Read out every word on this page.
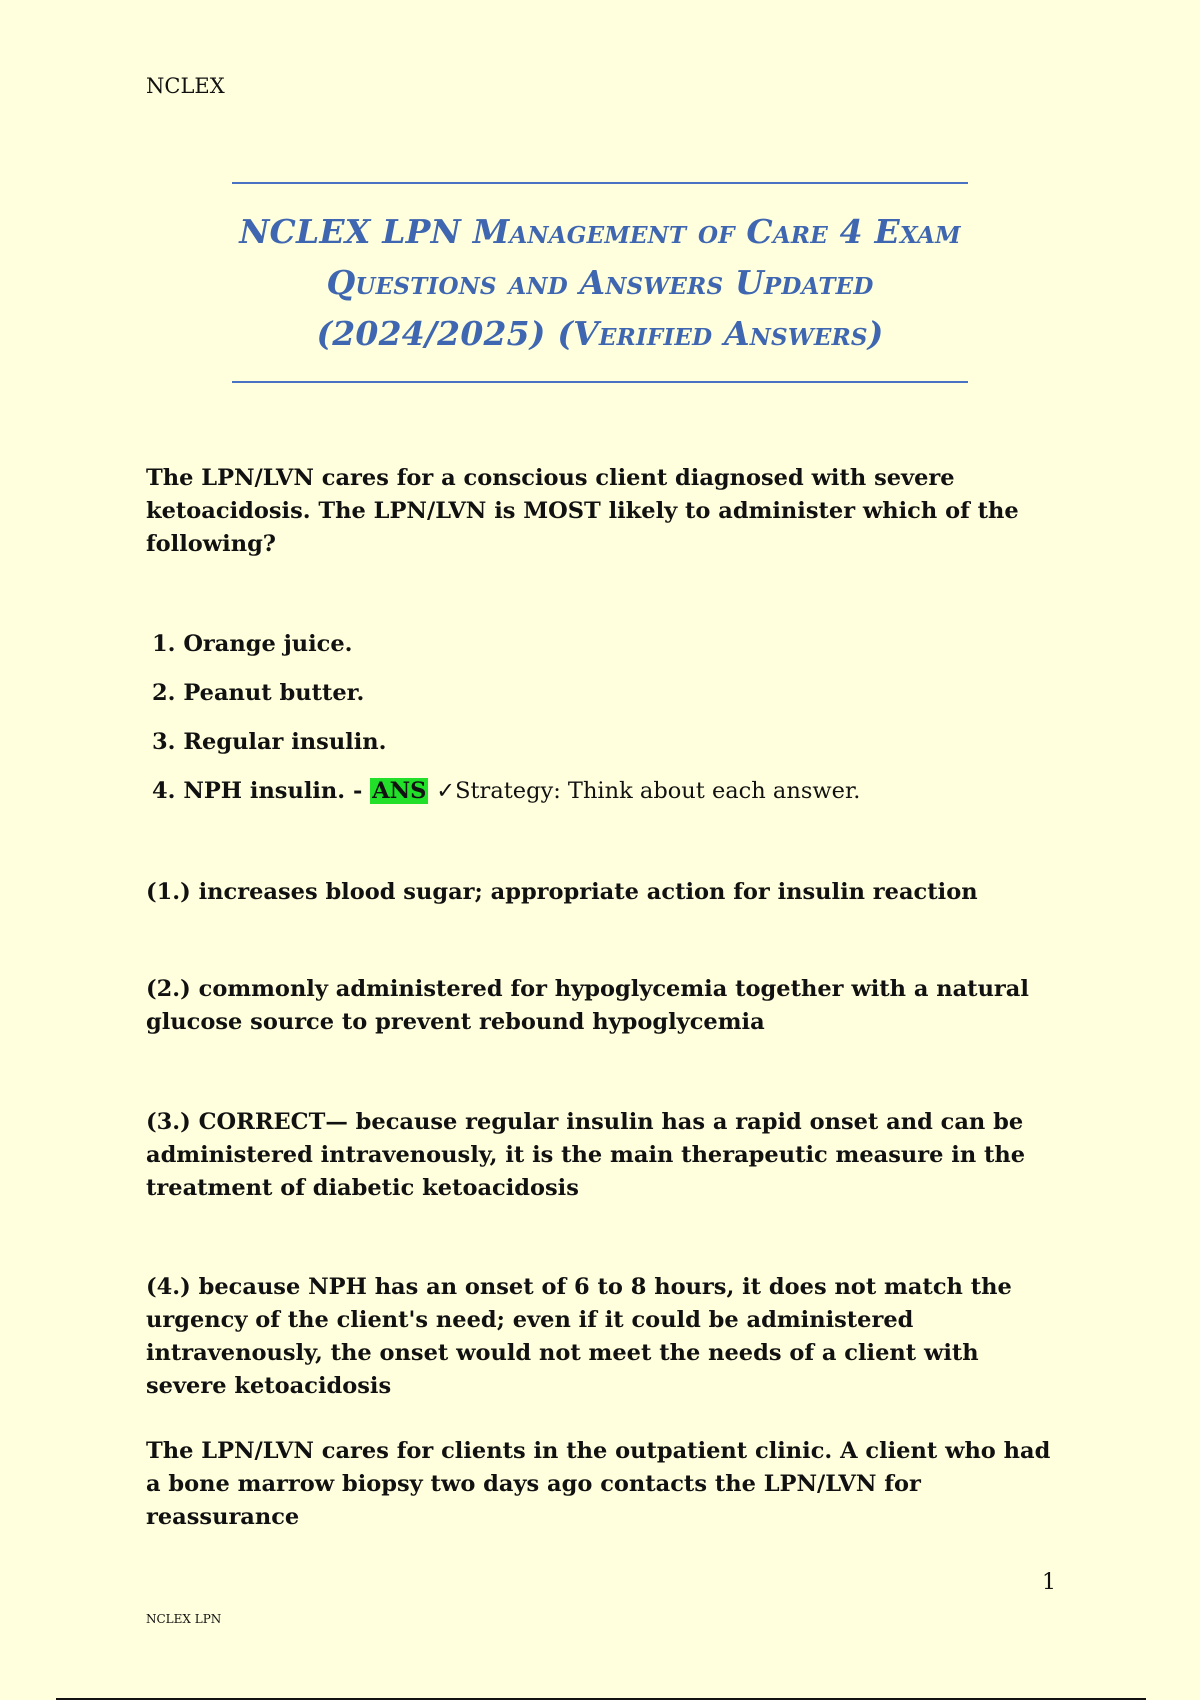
NCLEX
NCLEX LPN Management of Care 4 Exam
Questions and Answers Updated
(2024/2025) (Verified Answers)
The LPN/LVN cares for a conscious client diagnosed with severe ketoacidosis. The LPN/LVN is MOST likely to administer which of the following?
1. Orange juice.
2. Peanut butter.
3. Regular insulin.
4. NPH insulin. - ANS ✓Strategy: Think about each answer.
(1.) increases blood sugar; appropriate action for insulin reaction
(2.) commonly administered for hypoglycemia together with a natural glucose source to prevent rebound hypoglycemia
(3.) CORRECT— because regular insulin has a rapid onset and can be administered intravenously, it is the main therapeutic measure in the treatment of diabetic ketoacidosis
(4.) because NPH has an onset of 6 to 8 hours, it does not match the urgency of the client's need; even if it could be administered intravenously, the onset would not meet the needs of a client with severe ketoacidosis
The LPN/LVN cares for clients in the outpatient clinic. A client who had a bone marrow biopsy two days ago contacts the LPN/LVN for reassurance
1
NCLEX LPN
